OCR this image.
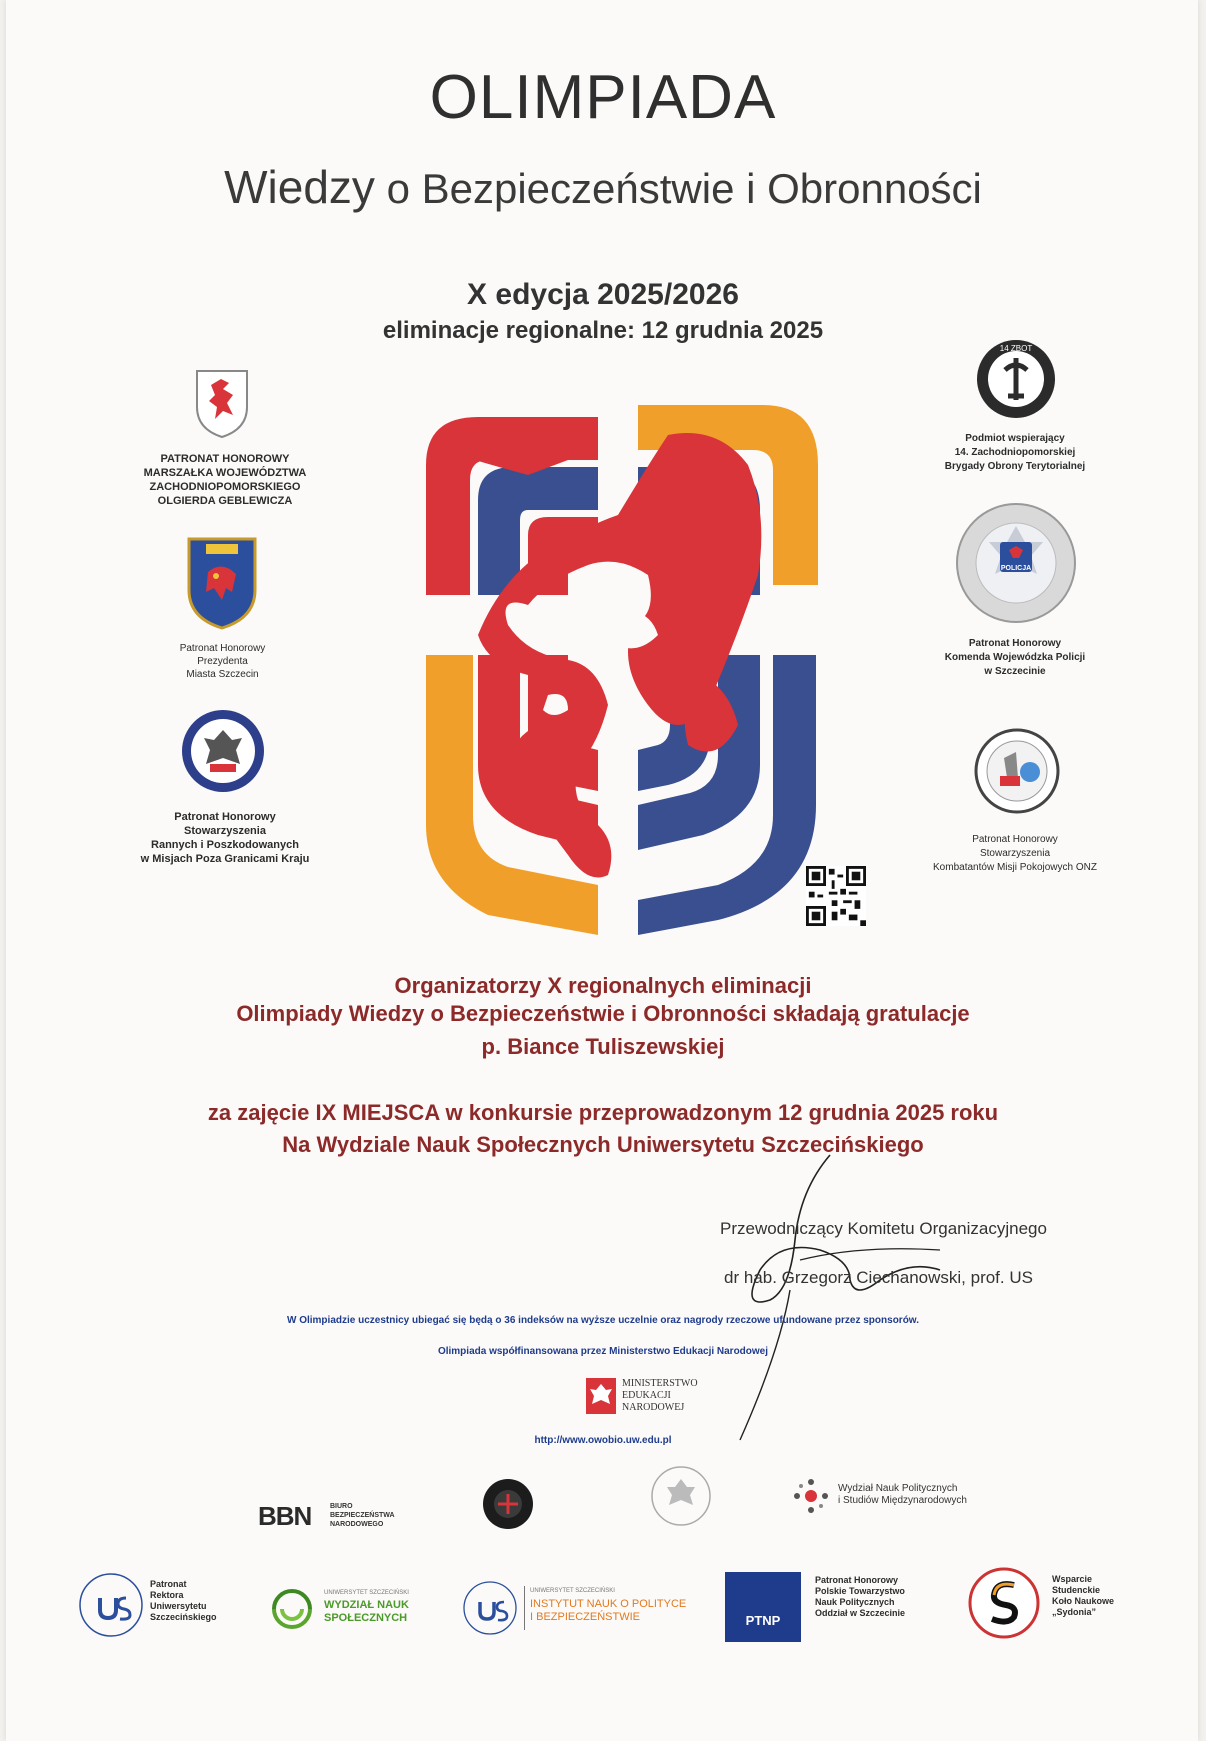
OLIMPIADA
Wiedzy o Bezpieczeństwie i Obronności
X edycja 2025/2026
eliminacje regionalne: 12 grudnia 2025
PATRONAT HONOROWY
MARSZAŁKA WOJEWÓDZTWA
ZACHODNIOPOMORSKIEGO
OLGIERDA GEBLEWICZA
Patronat Honorowy
Prezydenta
Miasta Szczecin
Patronat Honorowy
Stowarzyszenia
Rannych i Poszkodowanych
w Misjach Poza Granicami Kraju
14 ZBOT
Podmiot wspierający
14. Zachodniopomorskiej
Brygady Obrony Terytorialnej
POLICJA
Patronat Honorowy
Komenda Wojewódzka Policji
w Szczecinie
Patronat Honorowy
Stowarzyszenia
Kombatantów Misji Pokojowych ONZ
Organizatorzy X regionalnych eliminacji
Olimpiady Wiedzy o Bezpieczeństwie i Obronności składają gratulacje
p. Biance Tuliszewskiej
za zajęcie IX MIEJSCA w konkursie przeprowadzonym 12 grudnia 2025 roku
Na Wydziale Nauk Społecznych Uniwersytetu Szczecińskiego
Przewodniczący Komitetu Organizacyjnego
dr hab. Grzegorz Ciechanowski, prof. US
W Olimpiadzie uczestnicy ubiegać się będą o 36 indeksów na wyższe uczelnie oraz nagrody rzeczowe ufundowane przez sponsorów.
Olimpiada współfinansowana przez Ministerstwo Edukacji Narodowej
MINISTERSTWO
EDUKACJI
NARODOWEJ
http://www.owobio.uw.edu.pl
BBN	BIURO
BEZPIECZEŃSTWA
NARODOWEGO
Wydział Nauk Politycznych
i Studiów Międzynarodowych
Patronat
Rektora
Uniwersytetu
Szczecińskiego
UNIWERSYTET SZCZECIŃSKI
WYDZIAŁ NAUK
SPOŁECZNYCH
UNIWERSYTET SZCZECIŃSKI
INSTYTUT NAUK O POLITYCE
I BEZPIECZEŃSTWIE	PTNP
Patronat Honorowy
Polskie Towarzystwo
Nauk Politycznych
Oddział w Szczecinie
Wsparcie
Studenckie
Koło Naukowe
„Sydonia”
